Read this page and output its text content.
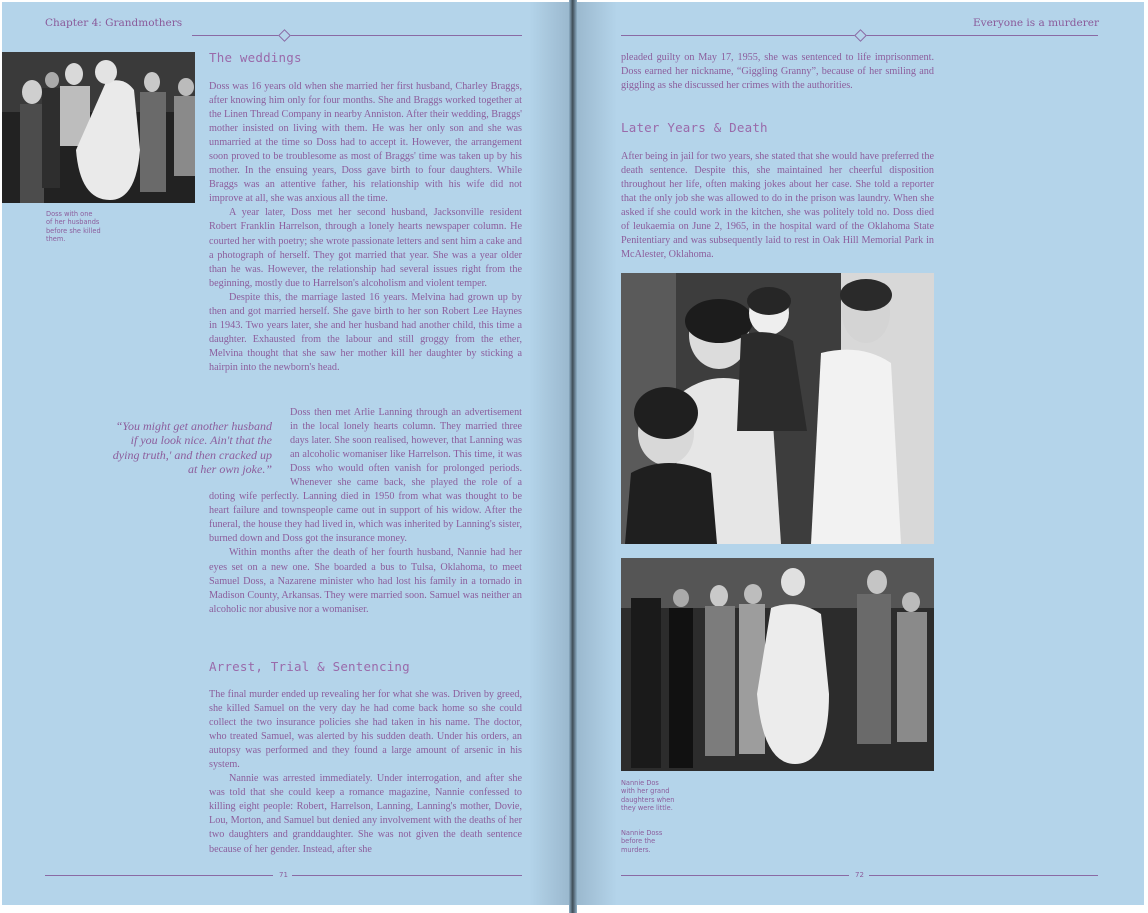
Chapter 4: Grandmothers
Doss with one
of her husbands
before she killed
them.
The weddings

Doss was 16 years old when she married her first husband, Charley Braggs, after knowing him only for four months. She and Braggs worked together at the Linen Thread Company in nearby Anniston. After their wedding, Braggs' mother insisted on living with them. He was her only son and she was unmarried at the time so Doss had to accept it. However, the arrangement soon proved to be troublesome as most of Braggs' time was taken up by his mother. In the ensuing years, Doss gave birth to four daughters. While Braggs was an attentive father, his relationship with his wife did not improve at all, she was anxious all the time.

A year later, Doss met her second husband, Jacksonville resident Robert Franklin Harrelson, through a lonely hearts newspaper column. He courted her with poetry; she wrote passionate letters and sent him a cake and a photograph of herself. They got married that year. She was a year older than he was. However, the relationship had several issues right from the beginning, mostly due to Harrelson's alcoholism and violent temper.

Despite this, the marriage lasted 16 years. Melvina had grown up by then and got married herself. She gave birth to her son Robert Lee Haynes in 1943. Two years later, she and her husband had another child, this time a daughter. Exhausted from the labour and still groggy from the ether, Melvina thought that she saw her mother kill her daughter by sticking a hairpin into the newborn's head.

“You might get another husband if you look nice. Ain't that the dying truth,' and then cracked up at her own joke.”

Doss then met Arlie Lanning through an advertisement in the local lonely hearts column. They married three days later. She soon realised, however, that Lanning was an alcoholic womaniser like Harrelson. This time, it was Doss who would often vanish for prolonged periods. Whenever she came back, she played the role of a doting wife perfectly. Lanning died in 1950 from what was thought to be heart failure and townspeople came out in support of his widow. After the funeral, the house they had lived in, which was inherited by Lanning's sister, burned down and Doss got the insurance money.

Within months after the death of her fourth husband, Nannie had her eyes set on a new one. She boarded a bus to Tulsa, Oklahoma, to meet Samuel Doss, a Nazarene minister who had lost his family in a tornado in Madison County, Arkansas. They were married soon. Samuel was neither an alcoholic nor abusive nor a womaniser.

Arrest, Trial & Sentencing

The final murder ended up revealing her for what she was. Driven by greed, she killed Samuel on the very day he had come back home so she could collect the two insurance policies she had taken in his name. The doctor, who treated Samuel, was alerted by his sudden death. Under his orders, an autopsy was performed and they found a large amount of arsenic in his system.

Nannie was arrested immediately. Under interrogation, and after she was told that she could keep a romance magazine, Nannie confessed to killing eight people: Robert, Harrelson, Lanning, Lanning's mother, Dovie, Lou, Morton, and Samuel but denied any involvement with the deaths of her two daughters and granddaughter. She was not given the death sentence because of her gender. Instead, after she

71
Everyone is a murderer

pleaded guilty on May 17, 1955, she was sentenced to life imprisonment. Doss earned her nickname, “Giggling Granny”, because of her smiling and giggling as she discussed her crimes with the authorities.

Later Years & Death

After being in jail for two years, she stated that she would have preferred the death sentence. Despite this, she maintained her cheerful disposition throughout her life, often making jokes about her case. She told a reporter that the only job she was allowed to do in the prison was laundry. When she asked if she could work in the kitchen, she was politely told no. Doss died of leukaemia on June 2, 1965, in the hospital ward of the Oklahoma State Penitentiary and was subsequently laid to rest in Oak Hill Memorial Park in McAlester, Oklahoma.

Nannie Dos
with her grand
daughters when
they were little.
Nannie Doss
before the
murders.
72
